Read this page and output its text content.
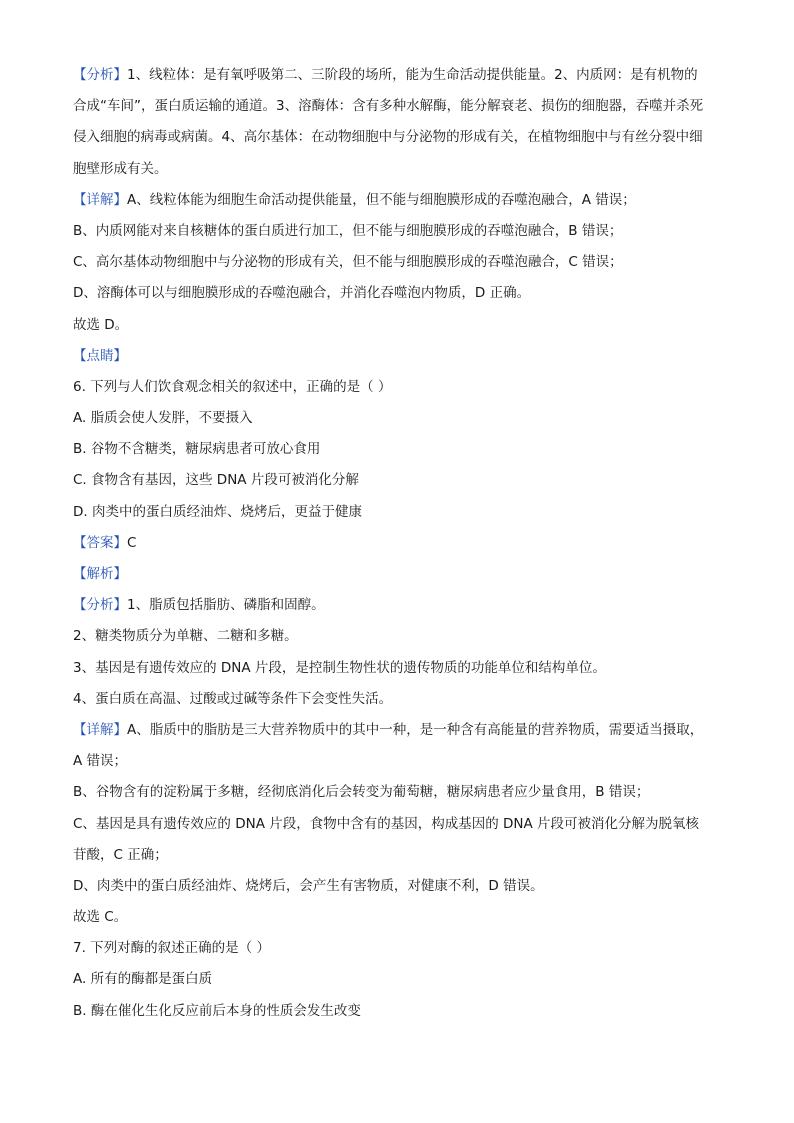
【分析】1、线粒体：是有氧呼吸第二、三阶段的场所，能为生命活动提供能量。2、内质网：是有机物的
合成“车间”，蛋白质运输的通道。3、溶酶体：含有多种水解酶，能分解衰老、损伤的细胞器，吞噬并杀死
侵入细胞的病毒或病菌。4、高尔基体：在动物细胞中与分泌物的形成有关，在植物细胞中与有丝分裂中细
胞壁形成有关。
【详解】A、线粒体能为细胞生命活动提供能量，但不能与细胞膜形成的吞噬泡融合，A 错误；
B、内质网能对来自核糖体的蛋白质进行加工，但不能与细胞膜形成的吞噬泡融合，B 错误；
C、高尔基体动物细胞中与分泌物的形成有关，但不能与细胞膜形成的吞噬泡融合，C 错误；
D、溶酶体可以与细胞膜形成的吞噬泡融合，并消化吞噬泡内物质，D 正确。
故选 D。
【点睛】
6. 下列与人们饮食观念相关的叙述中，正确的是（ ）
A. 脂质会使人发胖，不要摄入
B. 谷物不含糖类，糖尿病患者可放心食用
C. 食物含有基因，这些 DNA 片段可被消化分解
D. 肉类中的蛋白质经油炸、烧烤后，更益于健康
【答案】C
【解析】
【分析】1、脂质包括脂肪、磷脂和固醇。
2、糖类物质分为单糖、二糖和多糖。
3、基因是有遗传效应的 DNA 片段，是控制生物性状的遗传物质的功能单位和结构单位。
4、蛋白质在高温、过酸或过碱等条件下会变性失活。
【详解】A、脂质中的脂肪是三大营养物质中的其中一种，是一种含有高能量的营养物质，需要适当摄取，
A 错误；
B、谷物含有的淀粉属于多糖，经彻底消化后会转变为葡萄糖，糖尿病患者应少量食用，B 错误；
C、基因是具有遗传效应的 DNA 片段，食物中含有的基因，构成基因的 DNA 片段可被消化分解为脱氧核
苷酸，C 正确；
D、肉类中的蛋白质经油炸、烧烤后，会产生有害物质，对健康不利，D 错误。
故选 C。
7. 下列对酶的叙述正确的是（ ）
A. 所有的酶都是蛋白质
B. 酶在催化生化反应前后本身的性质会发生改变
